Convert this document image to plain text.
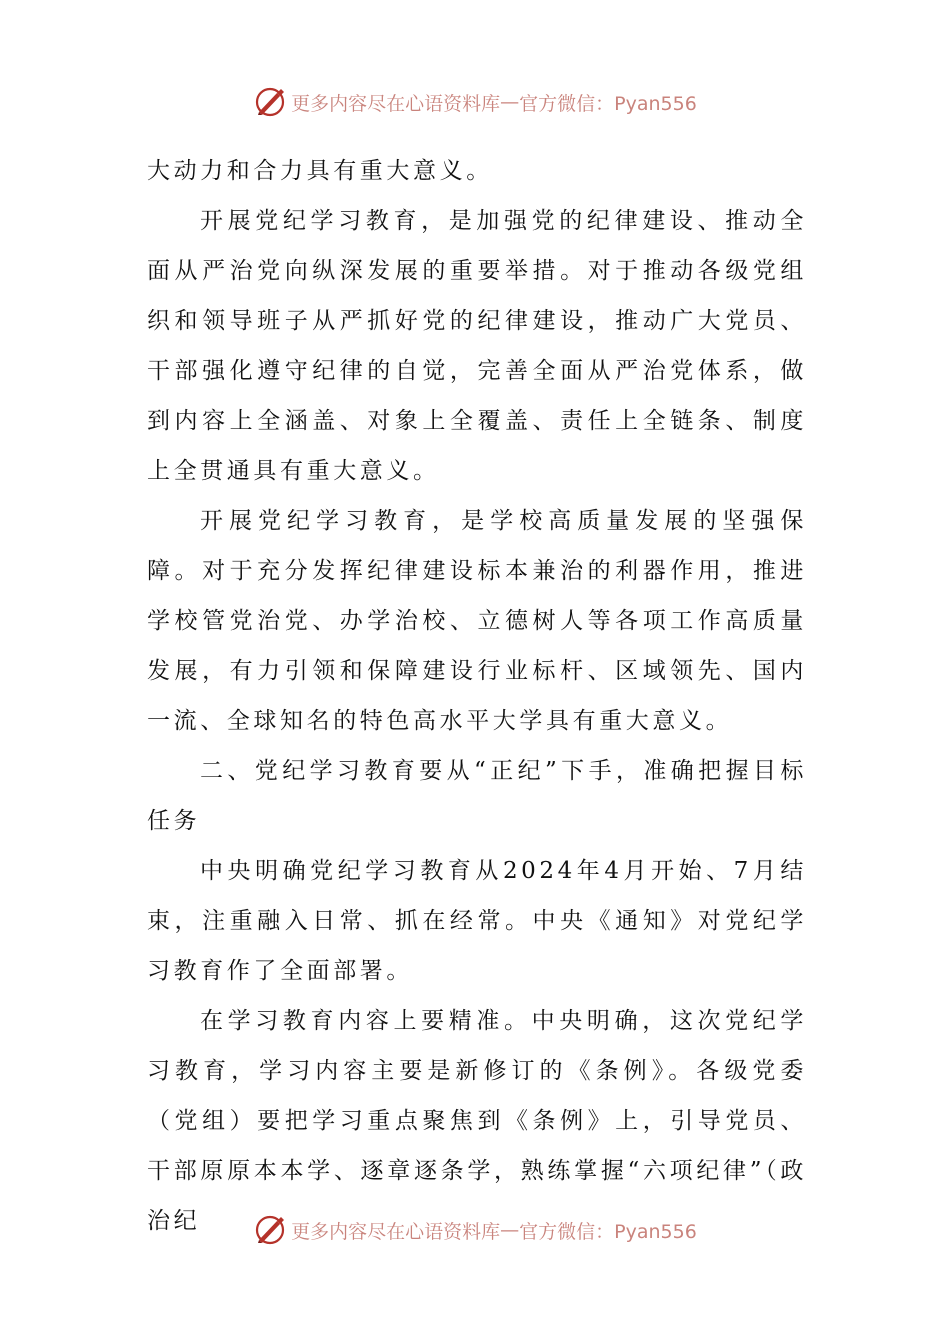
更多内容尽在心语资料库 — 官方微信：Pyan556

大动力和合力具有重大意义。

开展党纪学习教育，是加强党的纪律建设、推动全面从严治党向纵深发展的重要举措。对于推动各级党组织和领导班子从严抓好党的纪律建设，推动广大党员、干部强化遵守纪律的自觉，完善全面从严治党体系，做到内容上全涵盖、对象上全覆盖、责任上全链条、制度上全贯通具有重大意义。

开展党纪学习教育，是学校高质量发展的坚强保障。对于充分发挥纪律建设标本兼治的利器作用，推进学校管党治党、办学治校、立德树人等各项工作高质量发展，有力引领和保障建设行业标杆、区域领先、国内一流、全球知名的特色高水平大学具有重大意义。

二、党纪学习教育要从“正纪”下手，准确把握目标任务

中央明确党纪学习教育从2024年4月开始、7月结束，注重融入日常、抓在经常。中央《通知》对党纪学习教育作了全面部署。

在学习教育内容上要精准。中央明确，这次党纪学习教育，学习内容主要是新修订的《条例》。各级党委（党组）要把学习重点聚焦到《条例》上，引导党员、干部原原本本学、逐章逐条学，熟练掌握“六项纪律”（政治纪	更多内容尽在心语资料库 — 官方微信：Pyan556
